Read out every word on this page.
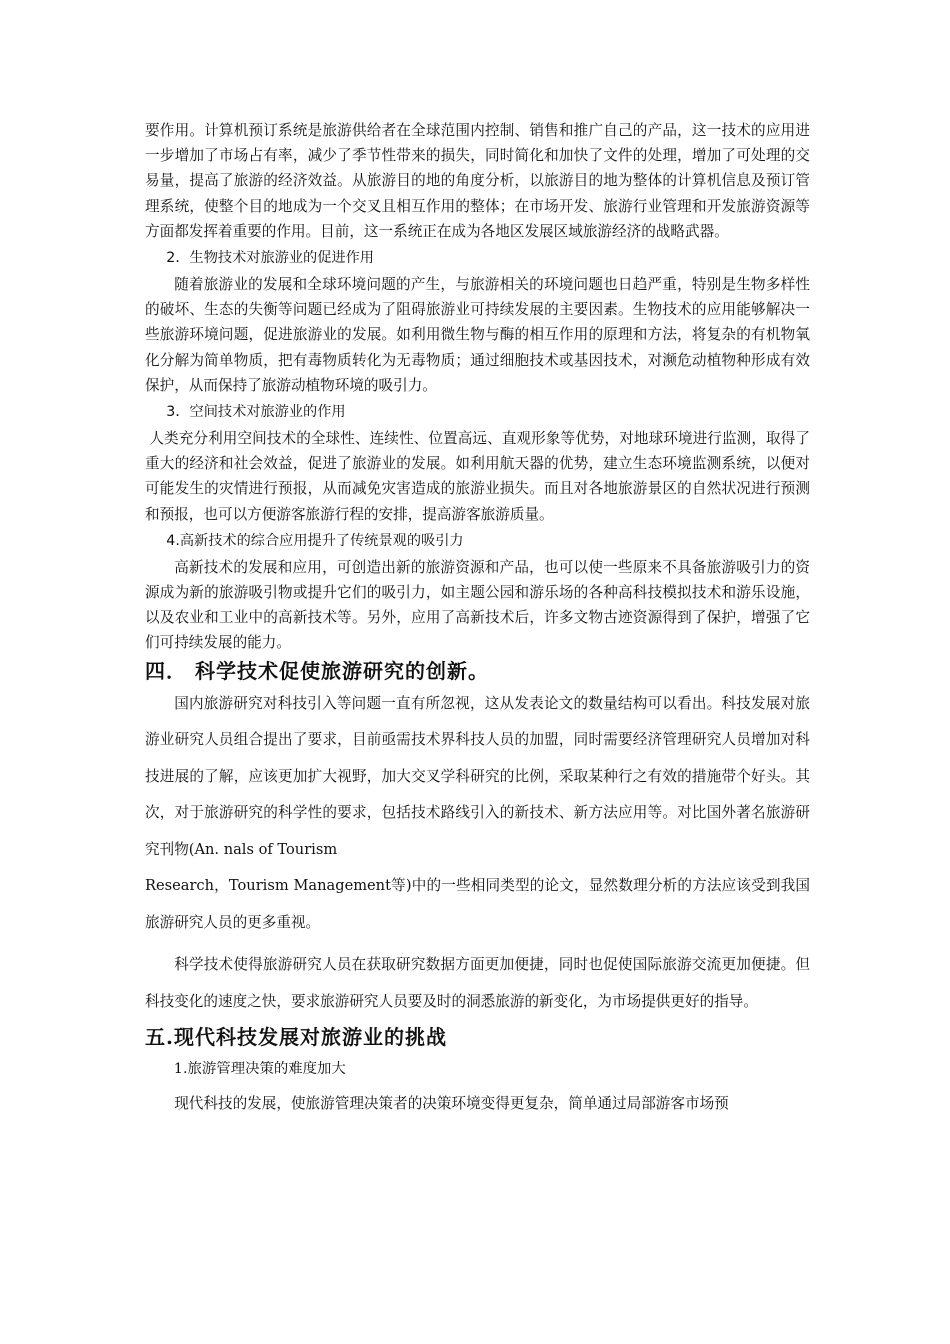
要作用。计算机预订系统是旅游供给者在全球范围内控制、销售和推广自己的产品，这一技术的应用进一步增加了市场占有率，减少了季节性带来的损失，同时简化和加快了文件的处理，增加了可处理的交易量，提高了旅游的经济效益。从旅游目的地的角度分析，以旅游目的地为整体的计算机信息及预订管理系统，使整个目的地成为一个交叉且相互作用的整体；在市场开发、旅游行业管理和开发旅游资源等方面都发挥着重要的作用。目前，这一系统正在成为各地区发展区域旅游经济的战略武器。

2．生物技术对旅游业的促进作用

随着旅游业的发展和全球环境问题的产生，与旅游相关的环境问题也日趋严重，特别是生物多样性的破坏、生态的失衡等问题已经成为了阻碍旅游业可持续发展的主要因素。生物技术的应用能够解决一些旅游环境问题，促进旅游业的发展。如利用微生物与酶的相互作用的原理和方法，将复杂的有机物氧化分解为简单物质，把有毒物质转化为无毒物质；通过细胞技术或基因技术，对濒危动植物种形成有效保护，从而保持了旅游动植物环境的吸引力。

3．空间技术对旅游业的作用

人类充分利用空间技术的全球性、连续性、位置高远、直观形象等优势，对地球环境进行监测，取得了重大的经济和社会效益，促进了旅游业的发展。如利用航天器的优势，建立生态环境监测系统，以便对可能发生的灾情进行预报，从而减免灾害造成的旅游业损失。而且对各地旅游景区的自然状况进行预测和预报，也可以方便游客旅游行程的安排，提高游客旅游质量。

4.高新技术的综合应用提升了传统景观的吸引力

高新技术的发展和应用，可创造出新的旅游资源和产品，也可以使一些原来不具备旅游吸引力的资源成为新的旅游吸引物或提升它们的吸引力，如主题公园和游乐场的各种高科技模拟技术和游乐设施，以及农业和工业中的高新技术等。另外，应用了高新技术后，许多文物古迹资源得到了保护，增强了它们可持续发展的能力。

四． 科学技术促使旅游研究的创新。

国内旅游研究对科技引入等问题一直有所忽视，这从发表论文的数量结构可以看出。科技发展对旅游业研究人员组合提出了要求，目前亟需技术界科技人员的加盟，同时需要经济管理研究人员增加对科技进展的了解，应该更加扩大视野，加大交叉学科研究的比例，采取某种行之有效的措施带个好头。其次，对于旅游研究的科学性的要求，包括技术路线引入的新技术、新方法应用等。对比国外著名旅游研究刊物(An. nals of Tourism

Research，Tourism Management等)中的一些相同类型的论文，显然数理分析的方法应该受到我国旅游研究人员的更多重视。

科学技术使得旅游研究人员在获取研究数据方面更加便捷，同时也促使国际旅游交流更加便捷。但科技变化的速度之快，要求旅游研究人员要及时的洞悉旅游的新变化，为市场提供更好的指导。

五.现代科技发展对旅游业的挑战

1.旅游管理决策的难度加大

现代科技的发展，使旅游管理决策者的决策环境变得更复杂，简单通过局部游客市场预
